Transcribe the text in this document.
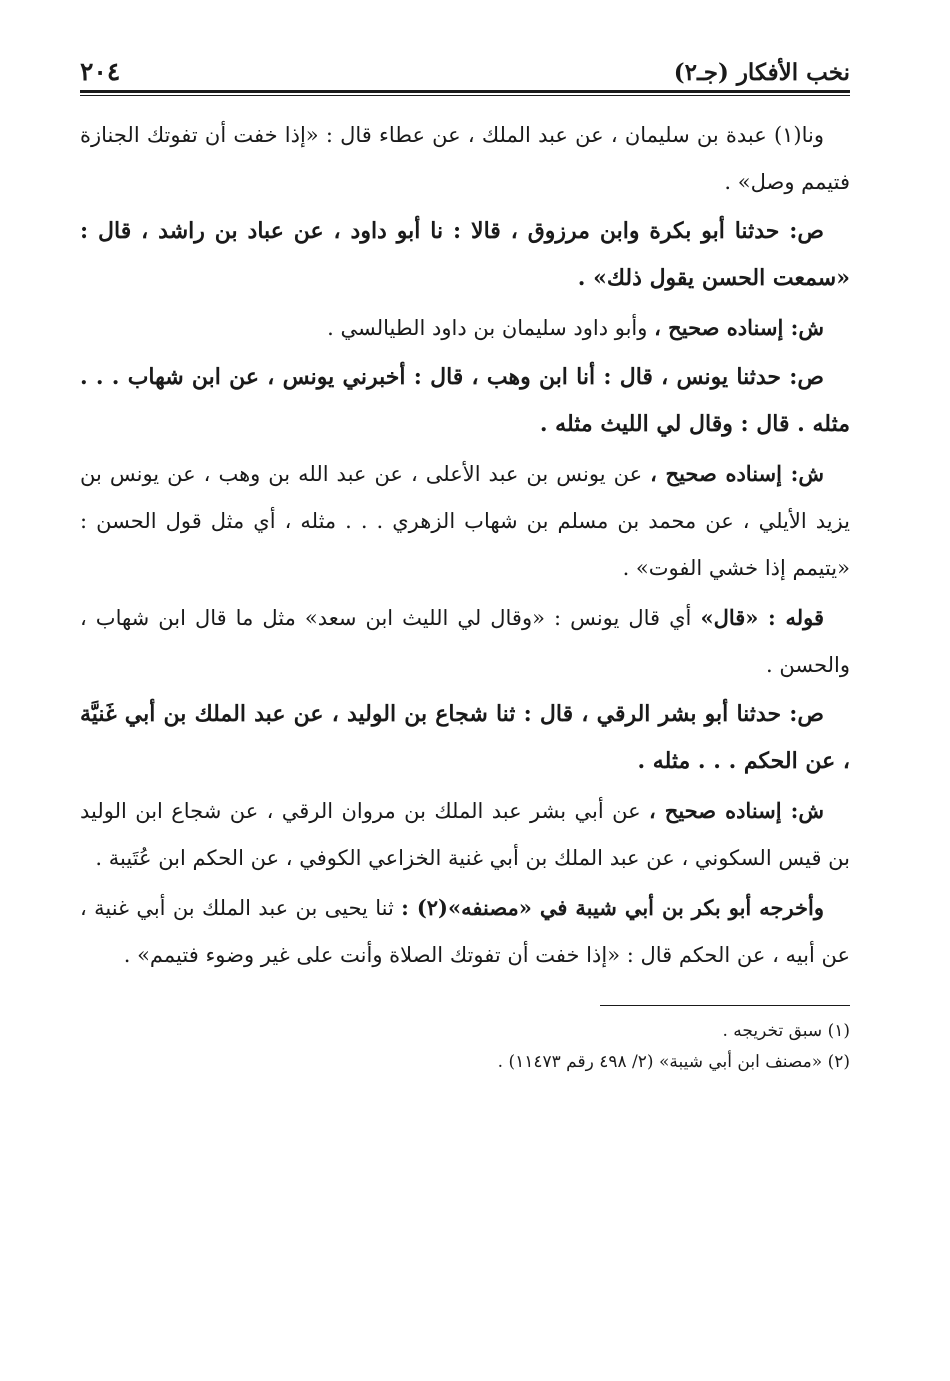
نخب الأفكار (جـ٢)
٢٠٤

ونا(١) عبدة بن سليمان ، عن عبد الملك ، عن عطاء قال : «إذا خفت أن تفوتك الجنازة فتيمم وصل» .

ص: حدثنا أبو بكرة وابن مرزوق ، قالا : نا أبو داود ، عن عباد بن راشد ، قال : «سمعت الحسن يقول ذلك» .

ش: إسناده صحيح ، وأبو داود سليمان بن داود الطيالسي .

ص: حدثنا يونس ، قال : أنا ابن وهب ، قال : أخبرني يونس ، عن ابن شهاب . . . مثله . قال : وقال لي الليث مثله .

ش: إسناده صحيح ، عن يونس بن عبد الأعلى ، عن عبد الله بن وهب ، عن يونس بن يزيد الأيلي ، عن محمد بن مسلم بن شهاب الزهري . . . مثله ، أي مثل قول الحسن : «يتيمم إذا خشي الفوت» .

قوله : «قال» أي قال يونس : «وقال لي الليث ابن سعد» مثل ما قال ابن شهاب ، والحسن .

ص: حدثنا أبو بشر الرقي ، قال : ثنا شجاع بن الوليد ، عن عبد الملك بن أبي غَنيَّة ، عن الحكم . . . مثله .

ش: إسناده صحيح ، عن أبي بشر عبد الملك بن مروان الرقي ، عن شجاع ابن الوليد بن قيس السكوني ، عن عبد الملك بن أبي غنية الخزاعي الكوفي ، عن الحكم ابن عُتَيبة .

وأخرجه أبو بكر بن أبي شيبة في «مصنفه»(٢) : ثنا يحيى بن عبد الملك بن أبي غنية ، عن أبيه ، عن الحكم قال : «إذا خفت أن تفوتك الصلاة وأنت على غير وضوء فتيمم» .

(١) سبق تخريجه .

(٢) «مصنف ابن أبي شيبة» (٢/ ٤٩٨ رقم ١١٤٧٣) .
